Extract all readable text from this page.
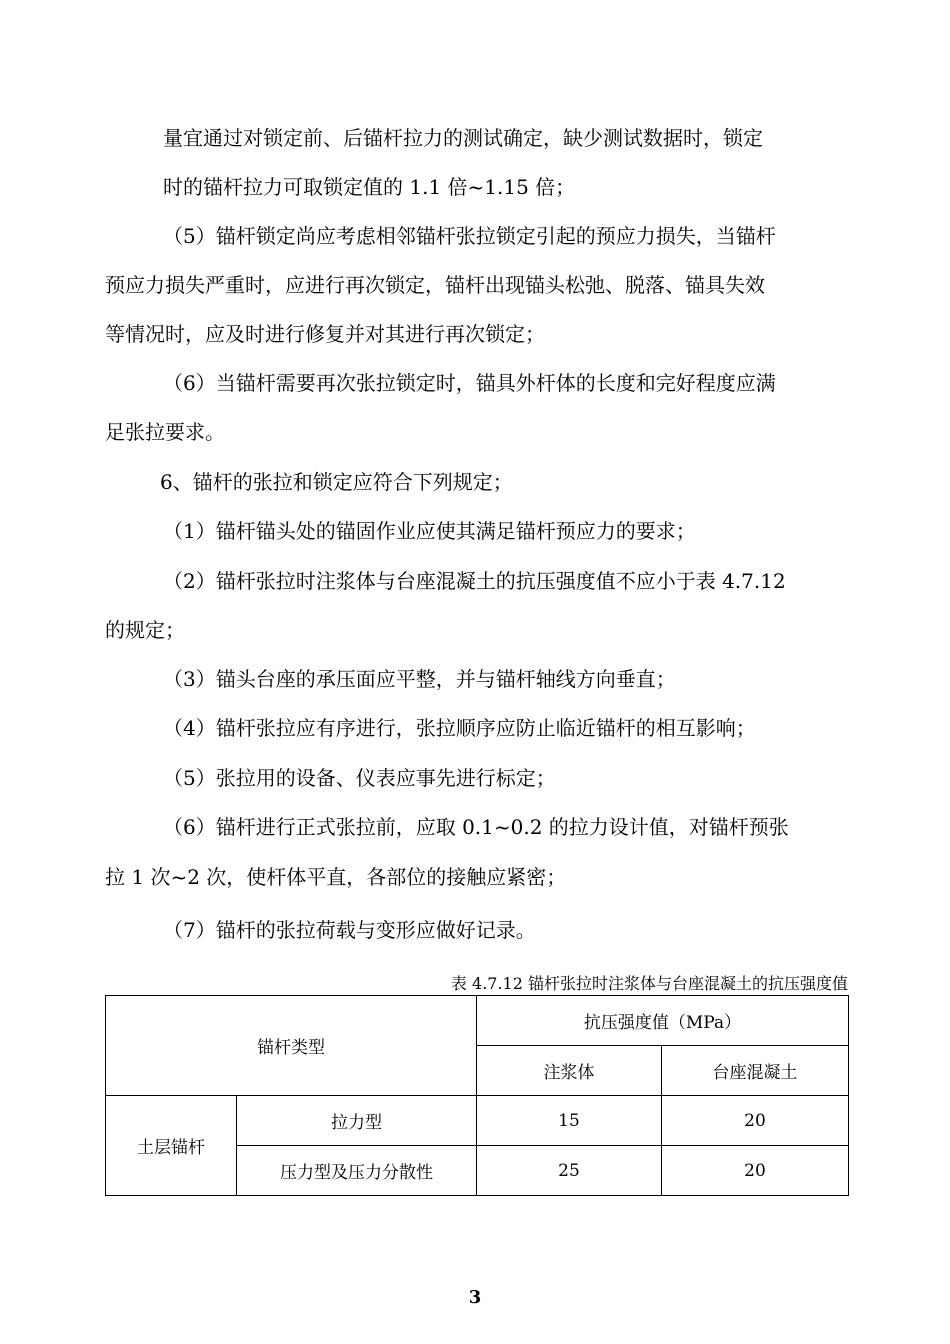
量宜通过对锁定前、后锚杆拉力的测试确定，缺少测试数据时，锁定

时的锚杆拉力可取锁定值的 1.1 倍~1.15 倍；

（5）锚杆锁定尚应考虑相邻锚杆张拉锁定引起的预应力损失，当锚杆

预应力损失严重时，应进行再次锁定，锚杆出现锚头松弛、脱落、锚具失效

等情况时，应及时进行修复并对其进行再次锁定；

（6）当锚杆需要再次张拉锁定时，锚具外杆体的长度和完好程度应满

足张拉要求。

6、锚杆的张拉和锁定应符合下列规定；

（1）锚杆锚头处的锚固作业应使其满足锚杆预应力的要求；

（2）锚杆张拉时注浆体与台座混凝土的抗压强度值不应小于表 4.7.12

的规定；

（3）锚头台座的承压面应平整，并与锚杆轴线方向垂直；

（4）锚杆张拉应有序进行，张拉顺序应防止临近锚杆的相互影响；

（5）张拉用的设备、仪表应事先进行标定；

（6）锚杆进行正式张拉前，应取 0.1~0.2 的拉力设计值，对锚杆预张

拉 1 次~2 次，使杆体平直，各部位的接触应紧密；

（7）锚杆的张拉荷载与变形应做好记录。

表 4.7.12 锚杆张拉时注浆体与台座混凝土的抗压强度值
锚杆类型		抗压强度值（MPa）	
		注浆体	台座混凝土
土层锚杆	拉力型	15	20
	压力型及压力分散性	25	20
3
